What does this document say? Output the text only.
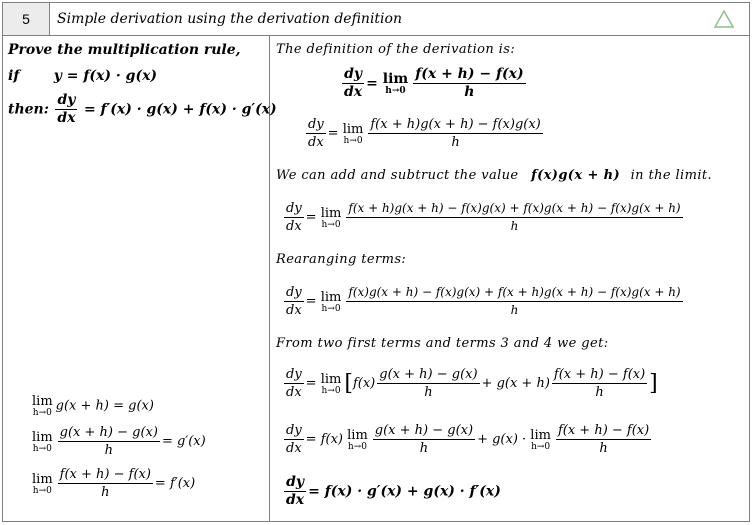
5	Simple derivation using the derivation definition
Prove the multiplication rule,
if y = f(x) · g(x)
then: $\frac{dy}{dx} = f'(x) \cdot g(x) + f(x) \cdot g'(x)$
lim
h→0 g(x + h) = g(x)
lim
$h\to 0 \frac{g(x + h) - g(x)}{h} = g'(x)$
lim
$h\to 0 \frac{f(x + h) - f(x)}{h} = f'(x)$
The definition of the derivation is:
$\frac{dy}{dx} = \lim$
$h\to 0 \frac{f(x + h) - f(x)}{h}$
$\frac{dy}{dx} = \lim$
$h\to 0 \frac{f(x + h)g(x + h) - f(x)g(x)}{h}$
We can add and subtruct the value f(x)g(x + h) in the limit.
$\frac{dy}{dx} = \lim$
$h\to 0 \frac{f(x + h)g(x + h) - f(x)g(x) + f(x)g(x + h) - f(x)g(x + h)}{h}$
Rearanging terms:
$\frac{dy}{dx} = \lim$
$h\to 0 \frac{f(x)g(x + h) - f(x)g(x) + f(x + h)g(x + h) - f(x)g(x + h)}{h}$
From two first terms and terms 3 and 4 we get:
$\frac{dy}{dx} = \lim$
h→0 [$f(x) \frac{g(x + h) - g(x)}{h} + g(x + h) \frac{f(x + h) - f(x)}{h}$ ]
$\frac{dy}{dx} = f(x)$ lim
$h\to 0 \frac{g(x + h) - g(x)}{h} + g(x) \cdot \lim$
$h\to 0 \frac{f(x + h) - f(x)}{h}$
$\frac{dy}{dx} = f(x) \cdot g'(x) + g(x) \cdot f'(x)$
